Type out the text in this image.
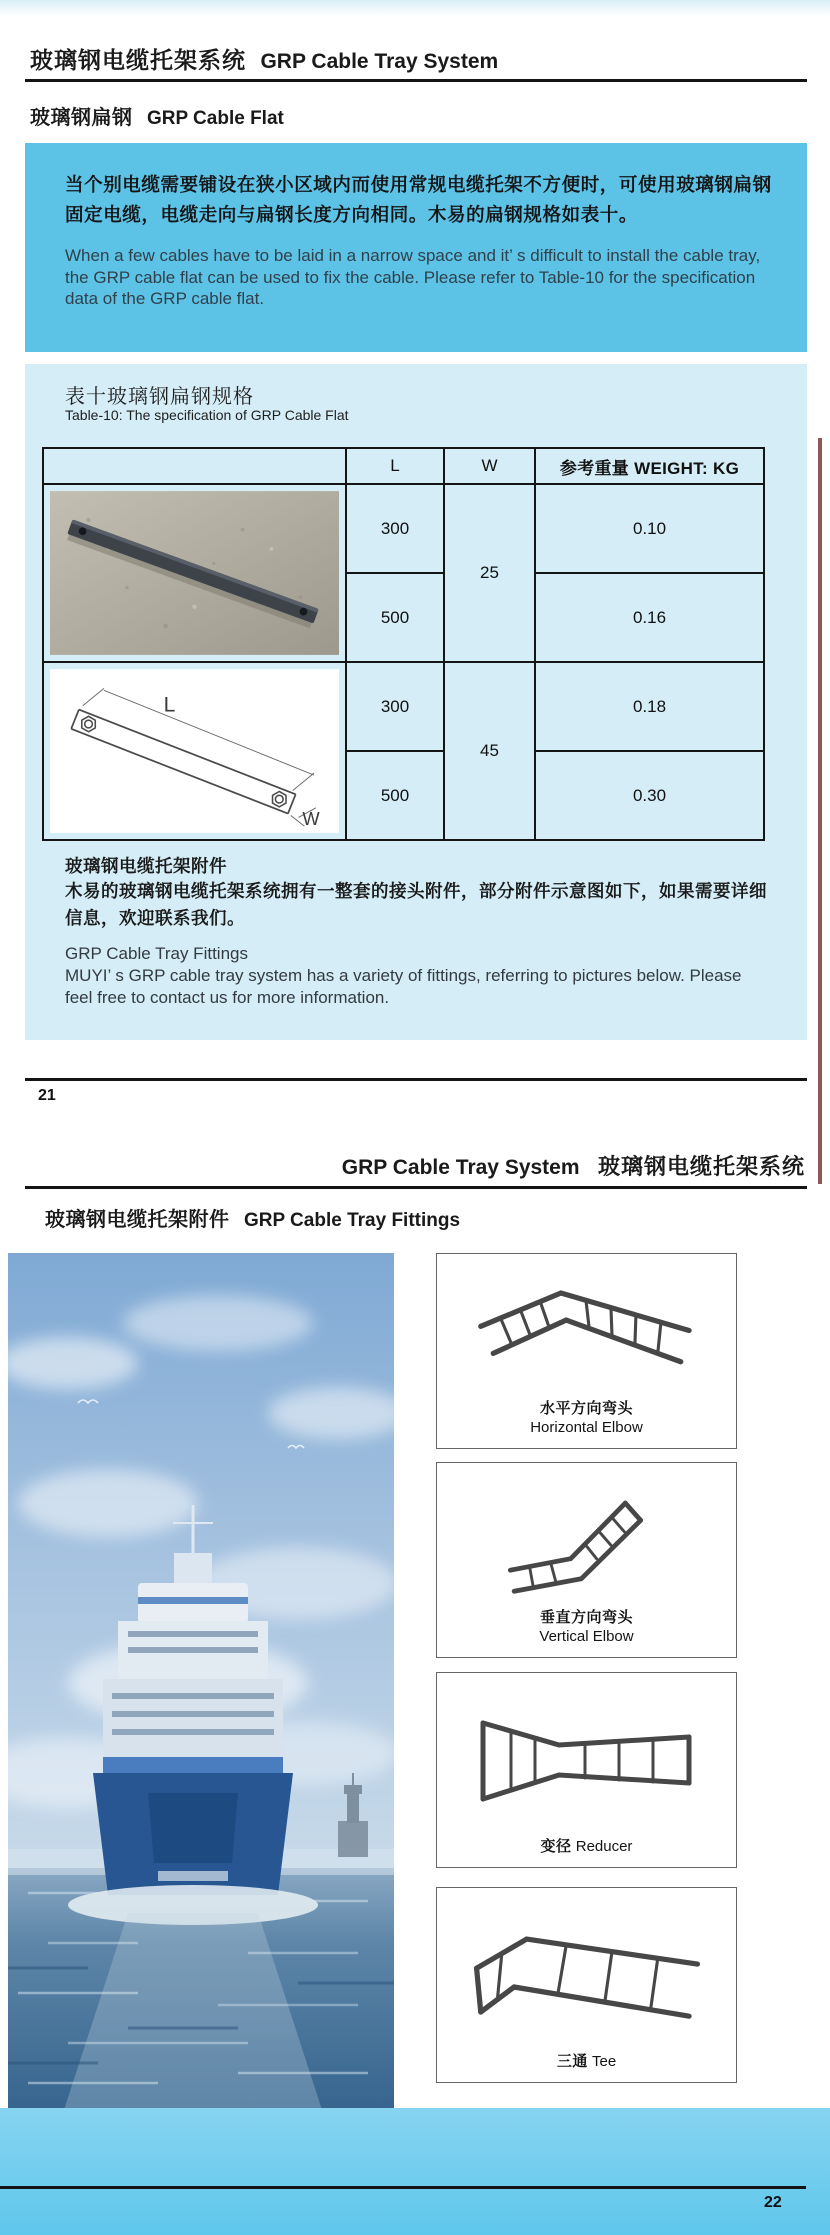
玻璃钢电缆托架系统 GRP Cable Tray System
玻璃钢扁钢 GRP Cable Flat

当个别电缆需要铺设在狭小区域内而使用常规电缆托架不方便时，可使用玻璃钢扁钢固定电缆，电缆走向与扁钢长度方向相同。木易的扁钢规格如表十。

When a few cables have to be laid in a narrow space and it’ s difficult to install the cable tray, the GRP cable flat can be used to fix the cable. Please refer to Table-10 for the specification data of the GRP cable flat.

表十玻璃钢扁钢规格
Table-10: The specification of GRP Cable Flat
	L	W	参考重量 WEIGHT: KG

	300	25	0.10
	500		0.16

L
W	300	45	0.18
	500		0.30
玻璃钢电缆托架附件

木易的玻璃钢电缆托架系统拥有一整套的接头附件，部分附件示意图如下，如果需要详细信息，欢迎联系我们。

GRP Cable Tray Fittings

MUYI’ s GRP cable tray system has a variety of fittings, referring to pictures below. Please feel free to contact us for more information.

21
GRP Cable Tray System 玻璃钢电缆托架系统
玻璃钢电缆托架附件 GRP Cable Tray Fittings
水平方向弯头
Horizontal Elbow
垂直方向弯头
Vertical Elbow
变径 Reducer
三通 Tee
22
